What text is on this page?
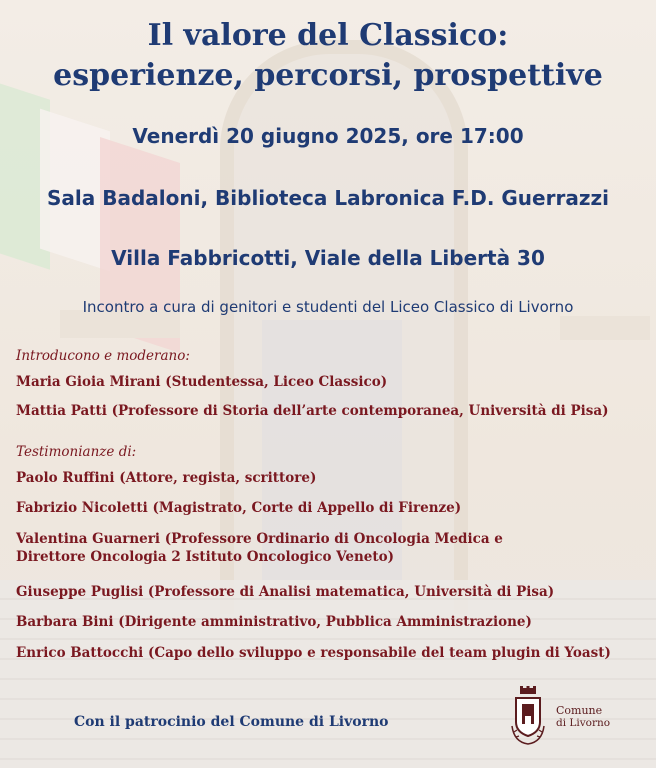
Il valore del Classico:
esperienze, percorsi, prospettive
Venerdì 20 giugno 2025, ore 17:00
Sala Badaloni, Biblioteca Labronica F.D. Guerrazzi
Villa Fabbricotti, Viale della Libertà 30
Incontro a cura di genitori e studenti del Liceo Classico di Livorno
Introducono e moderano:
Maria Gioia Mirani (Studentessa, Liceo Classico)
Mattia Patti (Professore di Storia dell’arte contemporanea, Università di Pisa)
Testimonianze di:
Paolo Ruffini (Attore, regista, scrittore)
Fabrizio Nicoletti (Magistrato, Corte di Appello di Firenze)
Valentina Guarneri (Professore Ordinario di Oncologia Medica e
Direttore Oncologia 2 Istituto Oncologico Veneto)
Giuseppe Puglisi (Professore di Analisi matematica, Università di Pisa)
Barbara Bini (Dirigente amministrativo, Pubblica Amministrazione)
Enrico Battocchi (Capo dello sviluppo e responsabile del team plugin di Yoast)
Con il patrocinio del Comune di Livorno
Comune
di Livorno
